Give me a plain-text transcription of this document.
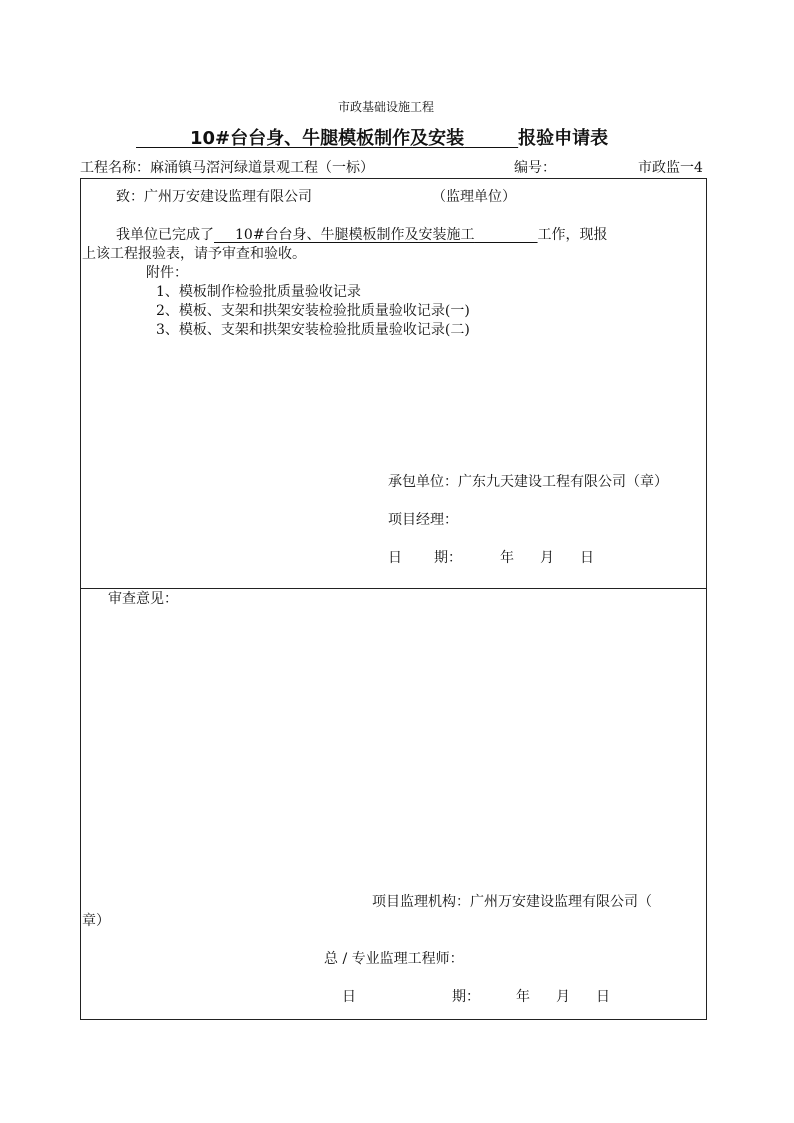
市政基础设施工程
   10#台台身、牛腿模板制作及安装   	报验申请表
工程名称：麻涌镇马滘河绿道景观工程（一标）	编号：	市政监一4
致：广州万安建设监理有限公司	（监理单位）
我单位已完成了   10#台台身、牛腿模板制作及安装施工     	工作，现报
上该工程报验表，请予审查和验收。
附件：
1、模板制作检验批质量验收记录
2、模板、支架和拱架安装检验批质量验收记录(一)
3、模板、支架和拱架安装检验批质量验收记录(二)
承包单位：广东九天建设工程有限公司（章）
项目经理：
日 期：	年 月 日
审查意见：
项目监理机构：广州万安建设监理有限公司（
章）
总 / 专业监理工程师：
日	期：	年 月 日
